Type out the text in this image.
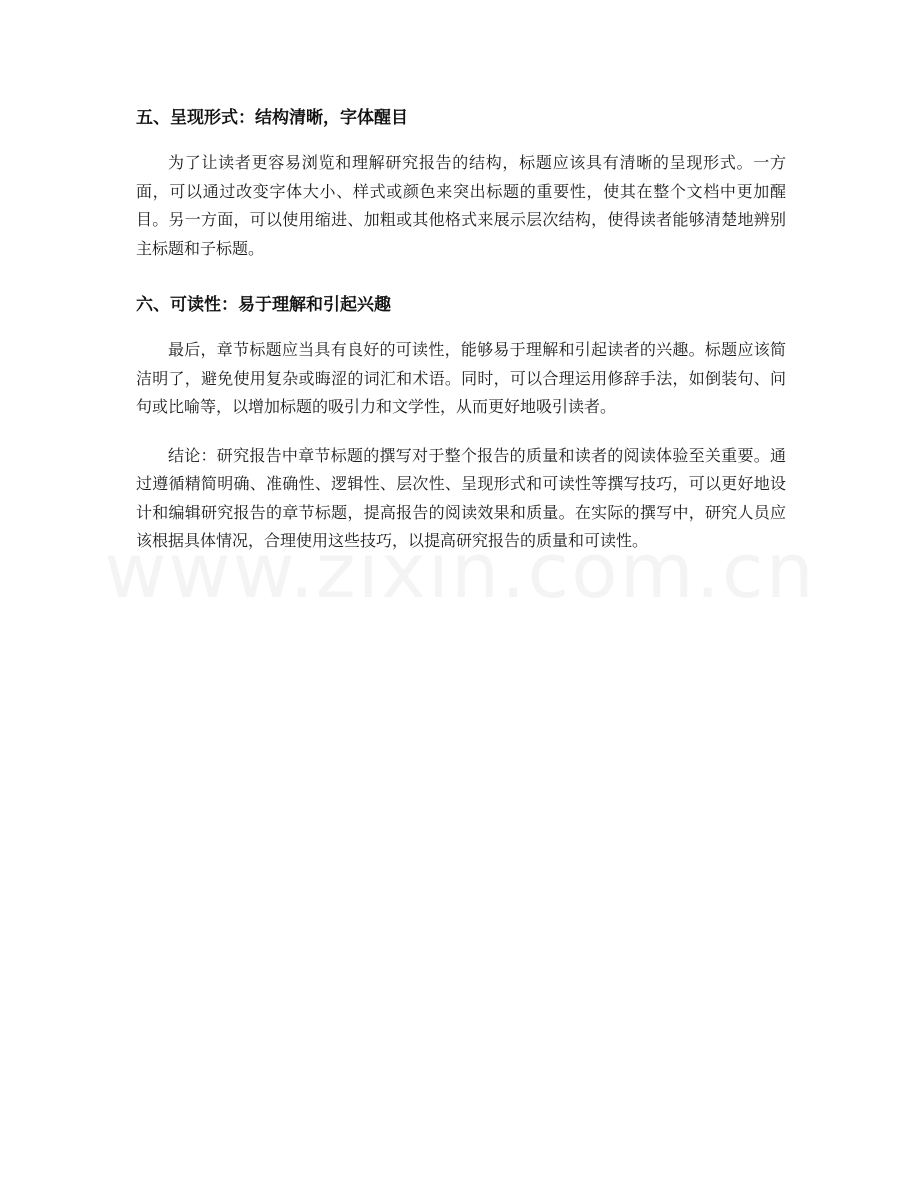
五、呈现形式：结构清晰，字体醒目

为了让读者更容易浏览和理解研究报告的结构，标题应该具有清晰的呈现形式。一方面，可以通过改变字体大小、样式或颜色来突出标题的重要性，使其在整个文档中更加醒目。另一方面，可以使用缩进、加粗或其他格式来展示层次结构，使得读者能够清楚地辨别主标题和子标题。

六、可读性：易于理解和引起兴趣

最后，章节标题应当具有良好的可读性，能够易于理解和引起读者的兴趣。标题应该简洁明了，避免使用复杂或晦涩的词汇和术语。同时，可以合理运用修辞手法，如倒装句、问句或比喻等，以增加标题的吸引力和文学性，从而更好地吸引读者。

结论：研究报告中章节标题的撰写对于整个报告的质量和读者的阅读体验至关重要。通过遵循精简明确、准确性、逻辑性、层次性、呈现形式和可读性等撰写技巧，可以更好地设计和编辑研究报告的章节标题，提高报告的阅读效果和质量。在实际的撰写中，研究人员应该根据具体情况，合理使用这些技巧，以提高研究报告的质量和可读性。
